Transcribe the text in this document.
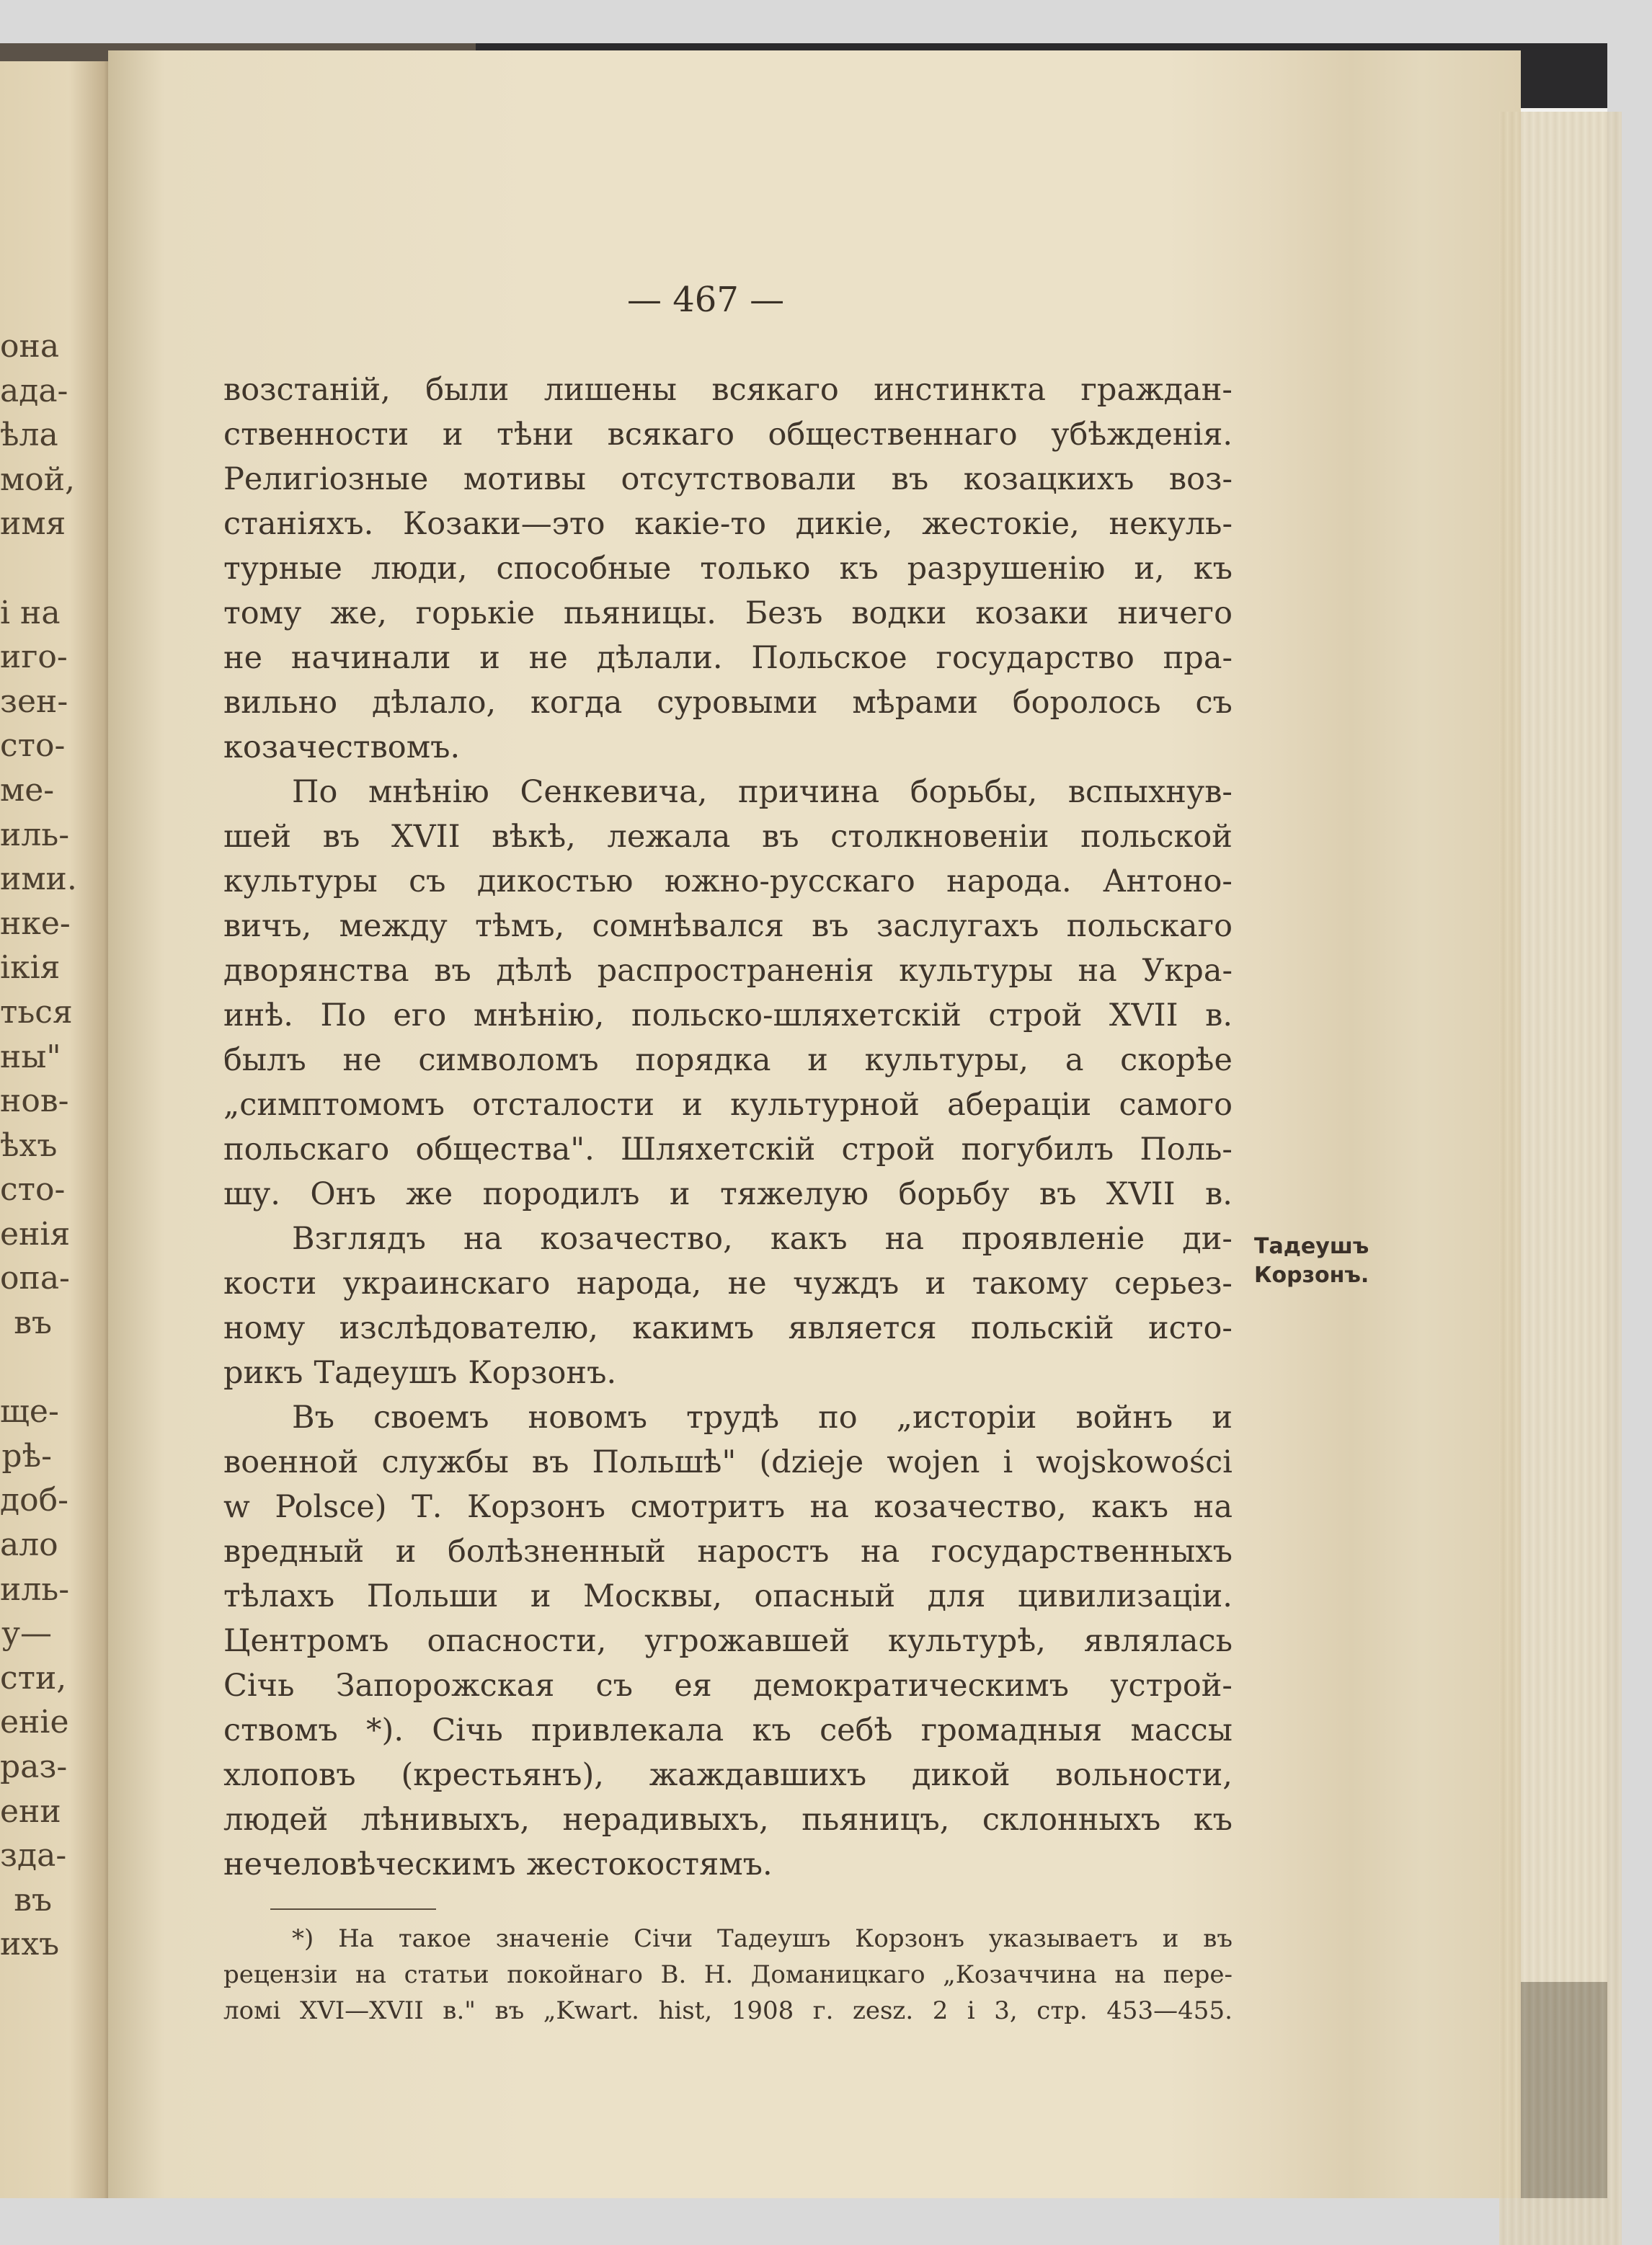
она
ада-
ѣла
мой,
имя
і на
иго-
зен-
сто-
ме-
иль-
ими.
нке-
ікія
ться
ны"
нов-
ѣхъ
сто-
енія
опа-
въ
ще-
рѣ-
доб-
ало
иль-
у—
сти,
еніе
раз-
ени
зда-
въ
ихъ
— 467 —
возстаній, были лишены всякаго инстинкта граждан-
ственности и тѣни всякаго общественнаго убѣжденія.
Религіозные мотивы отсутствовали въ козацкихъ воз-
станіяхъ. Козаки—это какіе-то дикіе, жестокіе, некуль-
турные люди, способные только къ разрушенію и, къ
тому же, горькіе пьяницы. Безъ водки козаки ничего
не начинали и не дѣлали. Польское государство пра-
вильно дѣлало, когда суровыми мѣрами боролось съ
козачествомъ.
По мнѣнію Сенкевича, причина борьбы, вспыхнув-
шей въ XVII вѣкѣ, лежала въ столкновеніи польской
культуры съ дикостью южно-русскаго народа. Антоно-
вичъ, между тѣмъ, сомнѣвался въ заслугахъ польскаго
дворянства въ дѣлѣ распространенія культуры на Укра-
инѣ. По его мнѣнію, польско-шляхетскій строй XVII в.
былъ не символомъ порядка и культуры, а скорѣе
„симптомомъ отсталости и культурной аберацiи самого
польскаго общества". Шляхетскій строй погубилъ Поль-
шу. Онъ же породилъ и тяжелую борьбу въ XVII в.
Взглядъ на козачество, какъ на проявленіе ди-
кости украинскаго народа, не чуждъ и такому серьез-
ному изслѣдователю, какимъ является польскій исто-
рикъ Тадеушъ Корзонъ.
Въ своемъ новомъ трудѣ по „исторіи войнъ и
военной службы въ Польшѣ" (dzieje wojen i wojskowości
w Polsce) Т. Корзонъ смотритъ на козачество, какъ на
вредный и болѣзненный наростъ на государственныхъ
тѣлахъ Польши и Москвы, опасный для цивилизаціи.
Центромъ опасности, угрожавшей культурѣ, являлась
Січь Запорожская съ ея демократическимъ устрой-
ствомъ *). Січь привлекала къ себѣ громадныя массы
хлоповъ (крестьянъ), жаждавшихъ дикой вольности,
людей лѣнивыхъ, нерадивыхъ, пьяницъ, склонныхъ къ
нечеловѣческимъ жестокостямъ.
Тадеушъ
Корзонъ.
*) На такое значеніе Січи Тадеушъ Корзонъ указываетъ и въ
рецензіи на статьи покойнаго В. Н. Доманицкаго „Козаччина на пере-
ломі XVI—XVII в." въ „Kwart. hist, 1908 г. zesz. 2 i 3, стр. 453—455.
